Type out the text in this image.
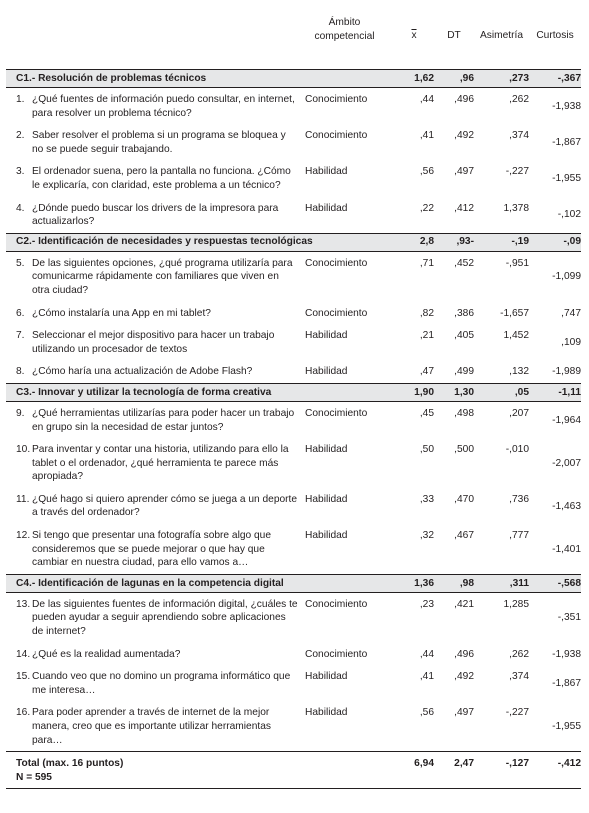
	Ámbito competencial	$\overline{x}$	DT	Asimetría	Curtosis
C1.- Resolución de problemas técnicos		1,62	,96	,273	-,367
1. ¿Qué fuentes de información puedo consultar, en internet, para resolver un problema técnico?	Conocimiento	,44	,496	,262	-1,938
2. Saber resolver el problema si un programa se bloquea y no se puede seguir trabajando.	Conocimiento	,41	,492	,374	-1,867
3. El ordenador suena, pero la pantalla no funciona. ¿Cómo le explicaría, con claridad, este problema a un técnico?	Habilidad	,56	,497	-,227	-1,955
4. ¿Dónde puedo buscar los drivers de la impresora para actualizarlos?	Habilidad	,22	,412	1,378	-,102
C2.- Identificación de necesidades y respuestas tecnológicas		2,8	,93-	-,19	-,09
5. De las siguientes opciones, ¿qué programa utilizaría para comunicarme rápidamente con familiares que viven en otra ciudad?	Conocimiento	,71	,452	-,951	-1,099
6. ¿Cómo instalaría una App en mi tablet?	Conocimiento	,82	,386	-1,657	,747
7. Seleccionar el mejor dispositivo para hacer un trabajo utilizando un procesador de textos	Habilidad	,21	,405	1,452	,109
8. ¿Cómo haría una actualización de Adobe Flash?	Habilidad	,47	,499	,132	-1,989
C3.- Innovar y utilizar la tecnología de forma creativa		1,90	1,30	,05	-1,11
9. ¿Qué herramientas utilizarías para poder hacer un trabajo en grupo sin la necesidad de estar juntos?	Conocimiento	,45	,498	,207	-1,964
10. Para inventar y contar una historia, utilizando para ello la tablet o el ordenador, ¿qué herramienta te parece más apropiada?	Habilidad	,50	,500	-,010	-2,007
11. ¿Qué hago si quiero aprender cómo se juega a un deporte a través del ordenador?	Habilidad	,33	,470	,736	-1,463
12. Si tengo que presentar una fotografía sobre algo que consideremos que se puede mejorar o que hay que cambiar en nuestra ciudad, para ello vamos a…	Habilidad	,32	,467	,777	-1,401
C4.- Identificación de lagunas en la competencia digital		1,36	,98	,311	-,568
13. De las siguientes fuentes de información digital, ¿cuáles te pueden ayudar a seguir aprendiendo sobre aplicaciones de internet?	Conocimiento	,23	,421	1,285	-,351
14. ¿Qué es la realidad aumentada?	Conocimiento	,44	,496	,262	-1,938
15. Cuando veo que no domino un programa informático que me interesa…	Habilidad	,41	,492	,374	-1,867
16. Para poder aprender a través de internet de la mejor manera, creo que es importante utilizar herramientas para…	Habilidad	,56	,497	-,227	-1,955

Total (max. 16 puntos)
N = 595		6,94	2,47	-,127	-,412
